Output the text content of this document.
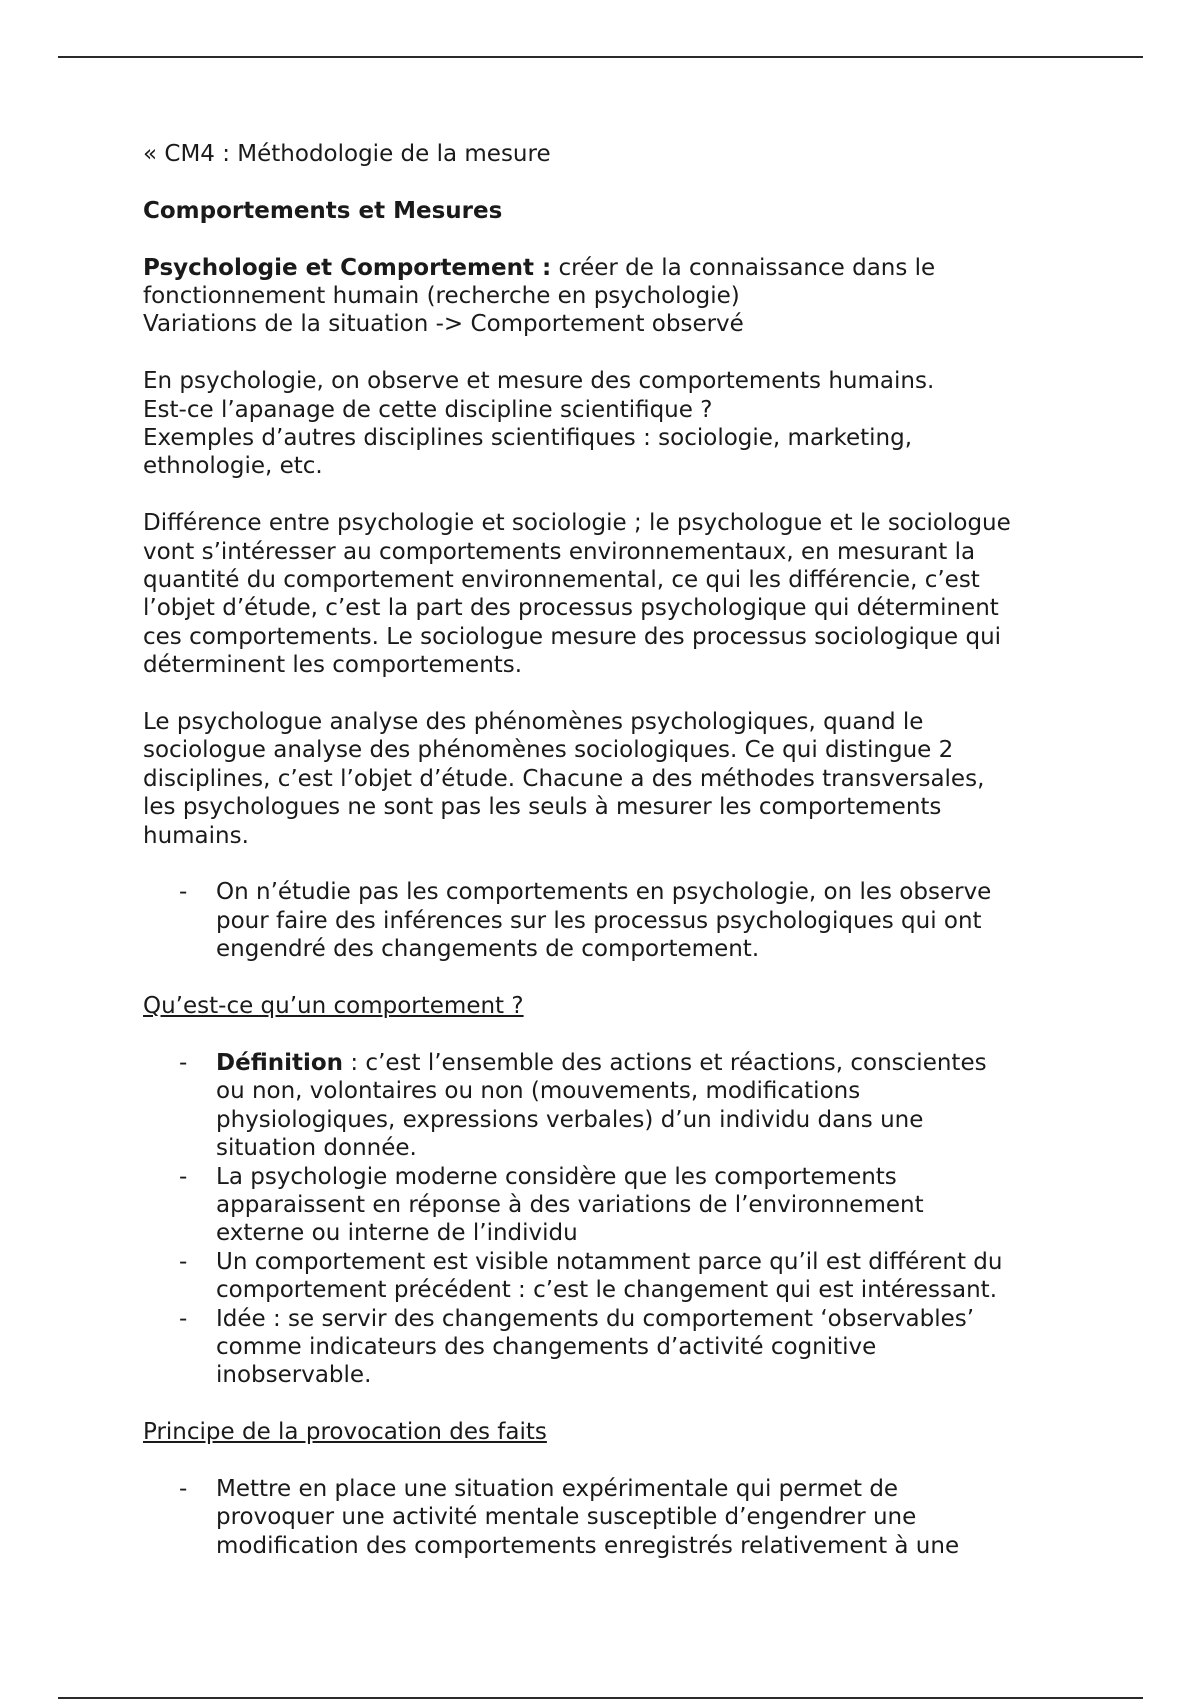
« CM4 : Méthodologie de la mesure
Comportements et Mesures
Psychologie et Comportement : créer de la connaissance dans le
fonctionnement humain (recherche en psychologie)
Variations de la situation -> Comportement observé
En psychologie, on observe et mesure des comportements humains.
Est-ce l’apanage de cette discipline scientifique ?
Exemples d’autres disciplines scientifiques : sociologie, marketing,
ethnologie, etc.
Différence entre psychologie et sociologie ; le psychologue et le sociologue
vont s’intéresser au comportements environnementaux, en mesurant la
quantité du comportement environnemental, ce qui les différencie, c’est
l’objet d’étude, c’est la part des processus psychologique qui déterminent
ces comportements. Le sociologue mesure des processus sociologique qui
déterminent les comportements.
Le psychologue analyse des phénomènes psychologiques, quand le
sociologue analyse des phénomènes sociologiques. Ce qui distingue 2
disciplines, c’est l’objet d’étude. Chacune a des méthodes transversales,
les psychologues ne sont pas les seuls à mesurer les comportements
humains.
- On n’étudie pas les comportements en psychologie, on les observe
pour faire des inférences sur les processus psychologiques qui ont
engendré des changements de comportement.
Qu’est-ce qu’un comportement ?
- Définition : c’est l’ensemble des actions et réactions, conscientes
ou non, volontaires ou non (mouvements, modifications
physiologiques, expressions verbales) d’un individu dans une
situation donnée.
- La psychologie moderne considère que les comportements
apparaissent en réponse à des variations de l’environnement
externe ou interne de l’individu
- Un comportement est visible notamment parce qu’il est différent du
comportement précédent : c’est le changement qui est intéressant.
- Idée : se servir des changements du comportement ‘observables’
comme indicateurs des changements d’activité cognitive
inobservable.
Principe de la provocation des faits
- Mettre en place une situation expérimentale qui permet de
provoquer une activité mentale susceptible d’engendrer une
modification des comportements enregistrés relativement à une
